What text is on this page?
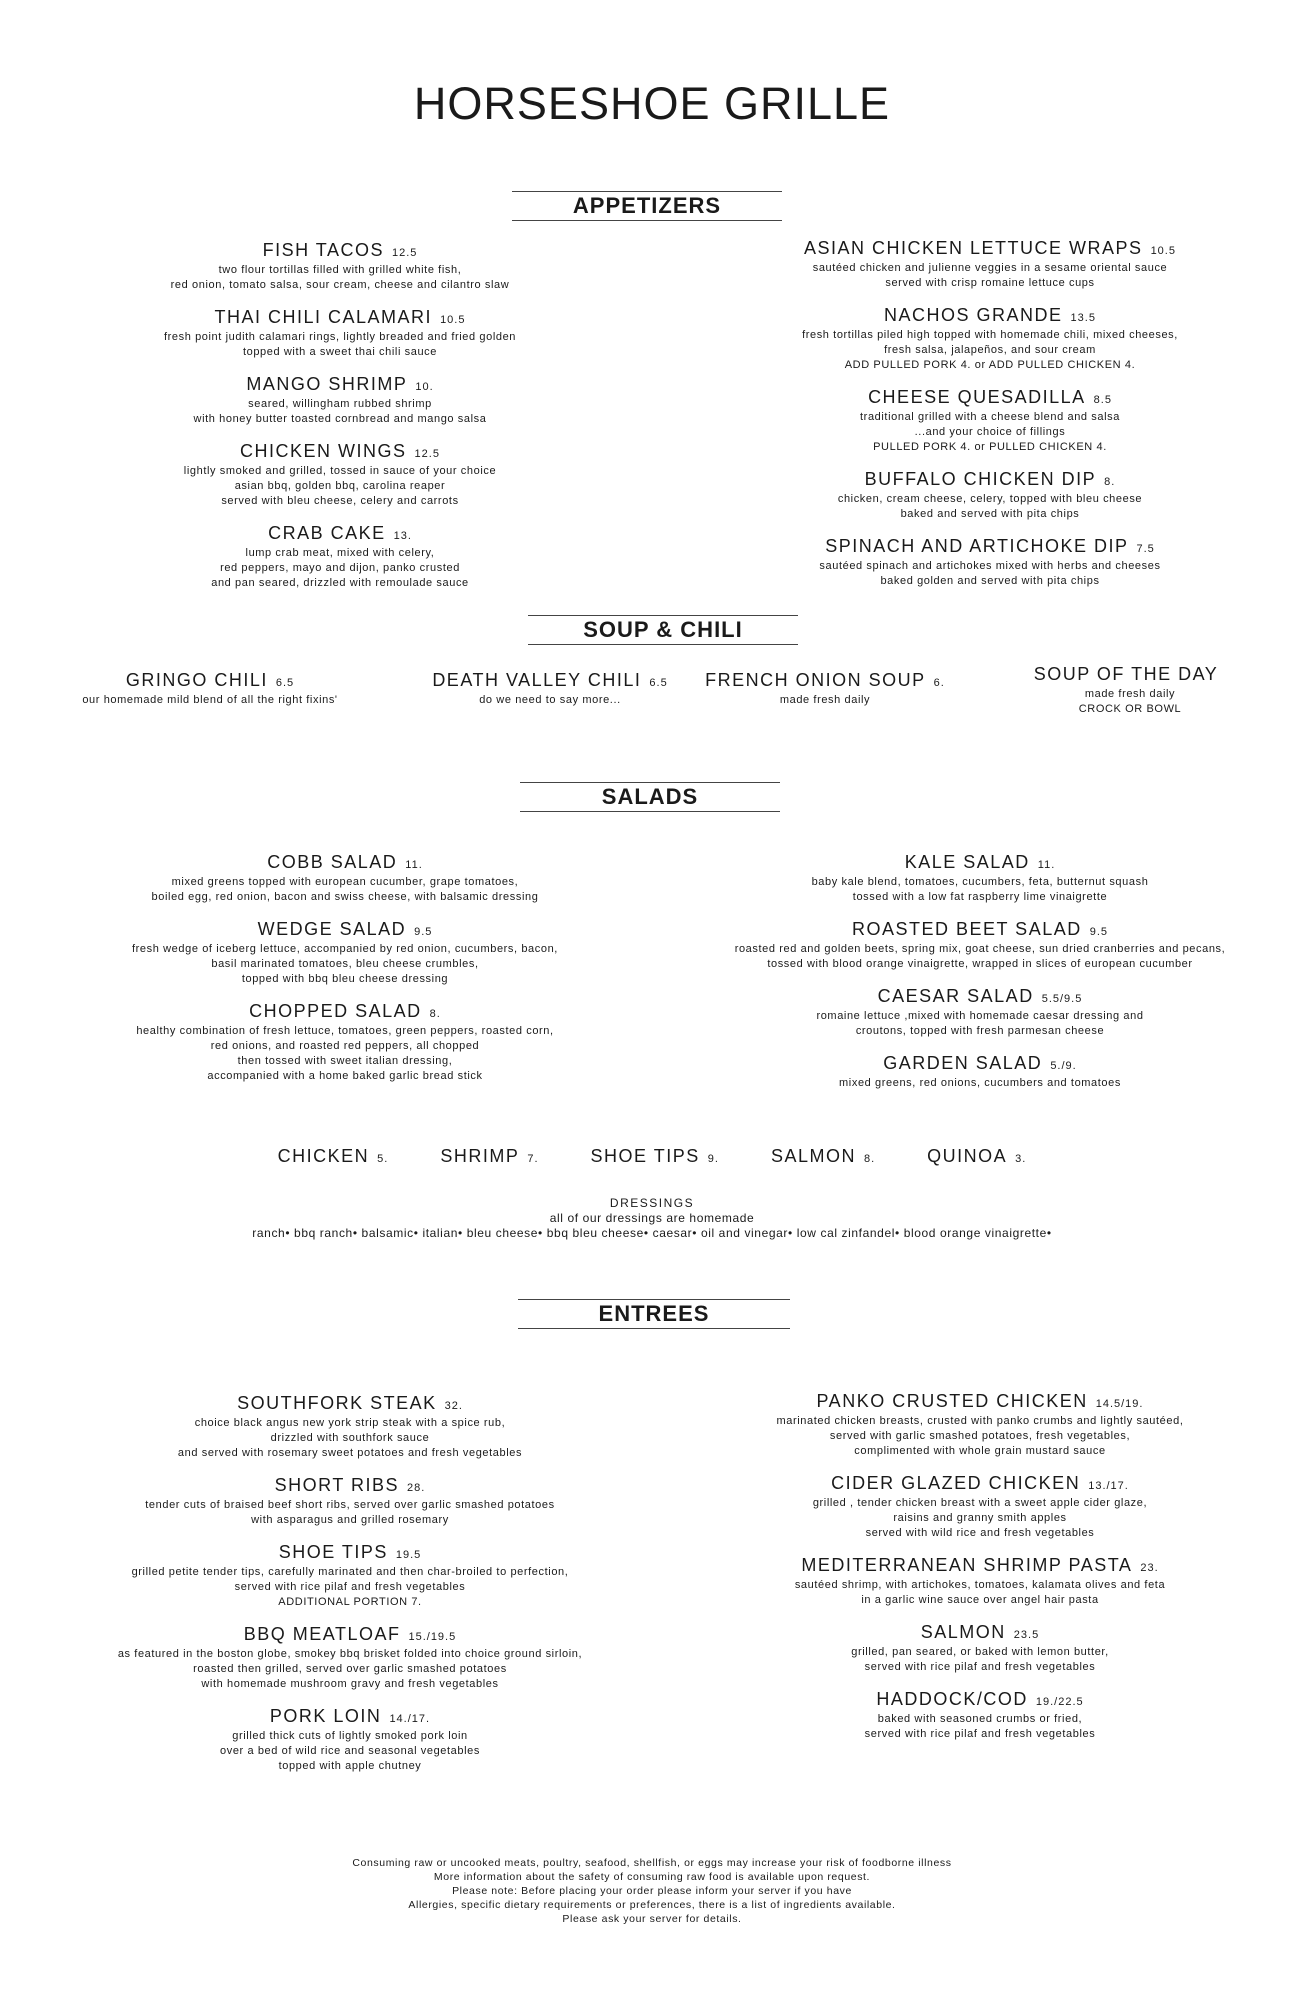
HORSESHOE GRILLE
APPETIZERS
SOUP & CHILI
SALADS
ENTREES
FISH TACOS 12.5
two flour tortillas filled with grilled white fish,
red onion, tomato salsa, sour cream, cheese and cilantro slaw
THAI CHILI CALAMARI 10.5
fresh point judith calamari rings, lightly breaded and fried golden
topped with a sweet thai chili sauce
MANGO SHRIMP 10.
seared, willingham rubbed shrimp
with honey butter toasted cornbread and mango salsa
CHICKEN WINGS 12.5
lightly smoked and grilled, tossed in sauce of your choice
asian bbq, golden bbq, carolina reaper
served with bleu cheese, celery and carrots
CRAB CAKE 13.
lump crab meat, mixed with celery,
red peppers, mayo and dijon, panko crusted
and pan seared, drizzled with remoulade sauce
ASIAN CHICKEN LETTUCE WRAPS 10.5
sautéed chicken and julienne veggies in a sesame oriental sauce
served with crisp romaine lettuce cups
NACHOS GRANDE 13.5
fresh tortillas piled high topped with homemade chili, mixed cheeses,
fresh salsa, jalapeños, and sour cream
ADD PULLED PORK 4. or ADD PULLED CHICKEN 4.
CHEESE QUESADILLA 8.5
traditional grilled with a cheese blend and salsa
...and your choice of fillings
PULLED PORK 4. or PULLED CHICKEN 4.
BUFFALO CHICKEN DIP 8.
chicken, cream cheese, celery, topped with bleu cheese
baked and served with pita chips
SPINACH AND ARTICHOKE DIP 7.5
sautéed spinach and artichokes mixed with herbs and cheeses
baked golden and served with pita chips
GRINGO CHILI 6.5
our homemade mild blend of all the right fixins'
DEATH VALLEY CHILI 6.5
do we need to say more...
FRENCH ONION SOUP 6.
made fresh daily
SOUP OF THE DAY
made fresh daily
CROCK OR BOWL
COBB SALAD 11.
mixed greens topped with european cucumber, grape tomatoes,
boiled egg, red onion, bacon and swiss cheese, with balsamic dressing
WEDGE SALAD 9.5
fresh wedge of iceberg lettuce, accompanied by red onion, cucumbers, bacon,
basil marinated tomatoes, bleu cheese crumbles,
topped with bbq bleu cheese dressing
CHOPPED SALAD 8.
healthy combination of fresh lettuce, tomatoes, green peppers, roasted corn,
red onions, and roasted red peppers, all chopped
then tossed with sweet italian dressing,
accompanied with a home baked garlic bread stick
KALE SALAD 11.
baby kale blend, tomatoes, cucumbers, feta, butternut squash
tossed with a low fat raspberry lime vinaigrette
ROASTED BEET SALAD 9.5
roasted red and golden beets, spring mix, goat cheese, sun dried cranberries and pecans,
tossed with blood orange vinaigrette, wrapped in slices of european cucumber
CAESAR SALAD 5.5/9.5
romaine lettuce ,mixed with homemade caesar dressing and
croutons, topped with fresh parmesan cheese
GARDEN SALAD 5./9.
mixed greens, red onions, cucumbers and tomatoes
CHICKEN 5.	SHRIMP 7.	SHOE TIPS 9.	SALMON 8.	QUINOA 3.
DRESSINGS
all of our dressings are homemade
ranch• bbq ranch• balsamic• italian• bleu cheese• bbq bleu cheese• caesar• oil and vinegar• low cal zinfandel• blood orange vinaigrette•
SOUTHFORK STEAK 32.
choice black angus new york strip steak with a spice rub,
drizzled with southfork sauce
and served with rosemary sweet potatoes and fresh vegetables
SHORT RIBS 28.
tender cuts of braised beef short ribs, served over garlic smashed potatoes
with asparagus and grilled rosemary
SHOE TIPS 19.5
grilled petite tender tips, carefully marinated and then char-broiled to perfection,
served with rice pilaf and fresh vegetables
ADDITIONAL PORTION 7.
BBQ MEATLOAF 15./19.5
as featured in the boston globe, smokey bbq brisket folded into choice ground sirloin,
roasted then grilled, served over garlic smashed potatoes
with homemade mushroom gravy and fresh vegetables
PORK LOIN 14./17.
grilled thick cuts of lightly smoked pork loin
over a bed of wild rice and seasonal vegetables
topped with apple chutney
PANKO CRUSTED CHICKEN 14.5/19.
marinated chicken breasts, crusted with panko crumbs and lightly sautéed,
served with garlic smashed potatoes, fresh vegetables,
complimented with whole grain mustard sauce
CIDER GLAZED CHICKEN 13./17.
grilled , tender chicken breast with a sweet apple cider glaze,
raisins and granny smith apples
served with wild rice and fresh vegetables
MEDITERRANEAN SHRIMP PASTA 23.
sautéed shrimp, with artichokes, tomatoes, kalamata olives and feta
in a garlic wine sauce over angel hair pasta
SALMON 23.5
grilled, pan seared, or baked with lemon butter,
served with rice pilaf and fresh vegetables
HADDOCK/COD 19./22.5
baked with seasoned crumbs or fried,
served with rice pilaf and fresh vegetables
Consuming raw or uncooked meats, poultry, seafood, shellfish, or eggs may increase your risk of foodborne illness
More information about the safety of consuming raw food is available upon request.
Please note: Before placing your order please inform your server if you have
Allergies, specific dietary requirements or preferences, there is a list of ingredients available.
Please ask your server for details.
